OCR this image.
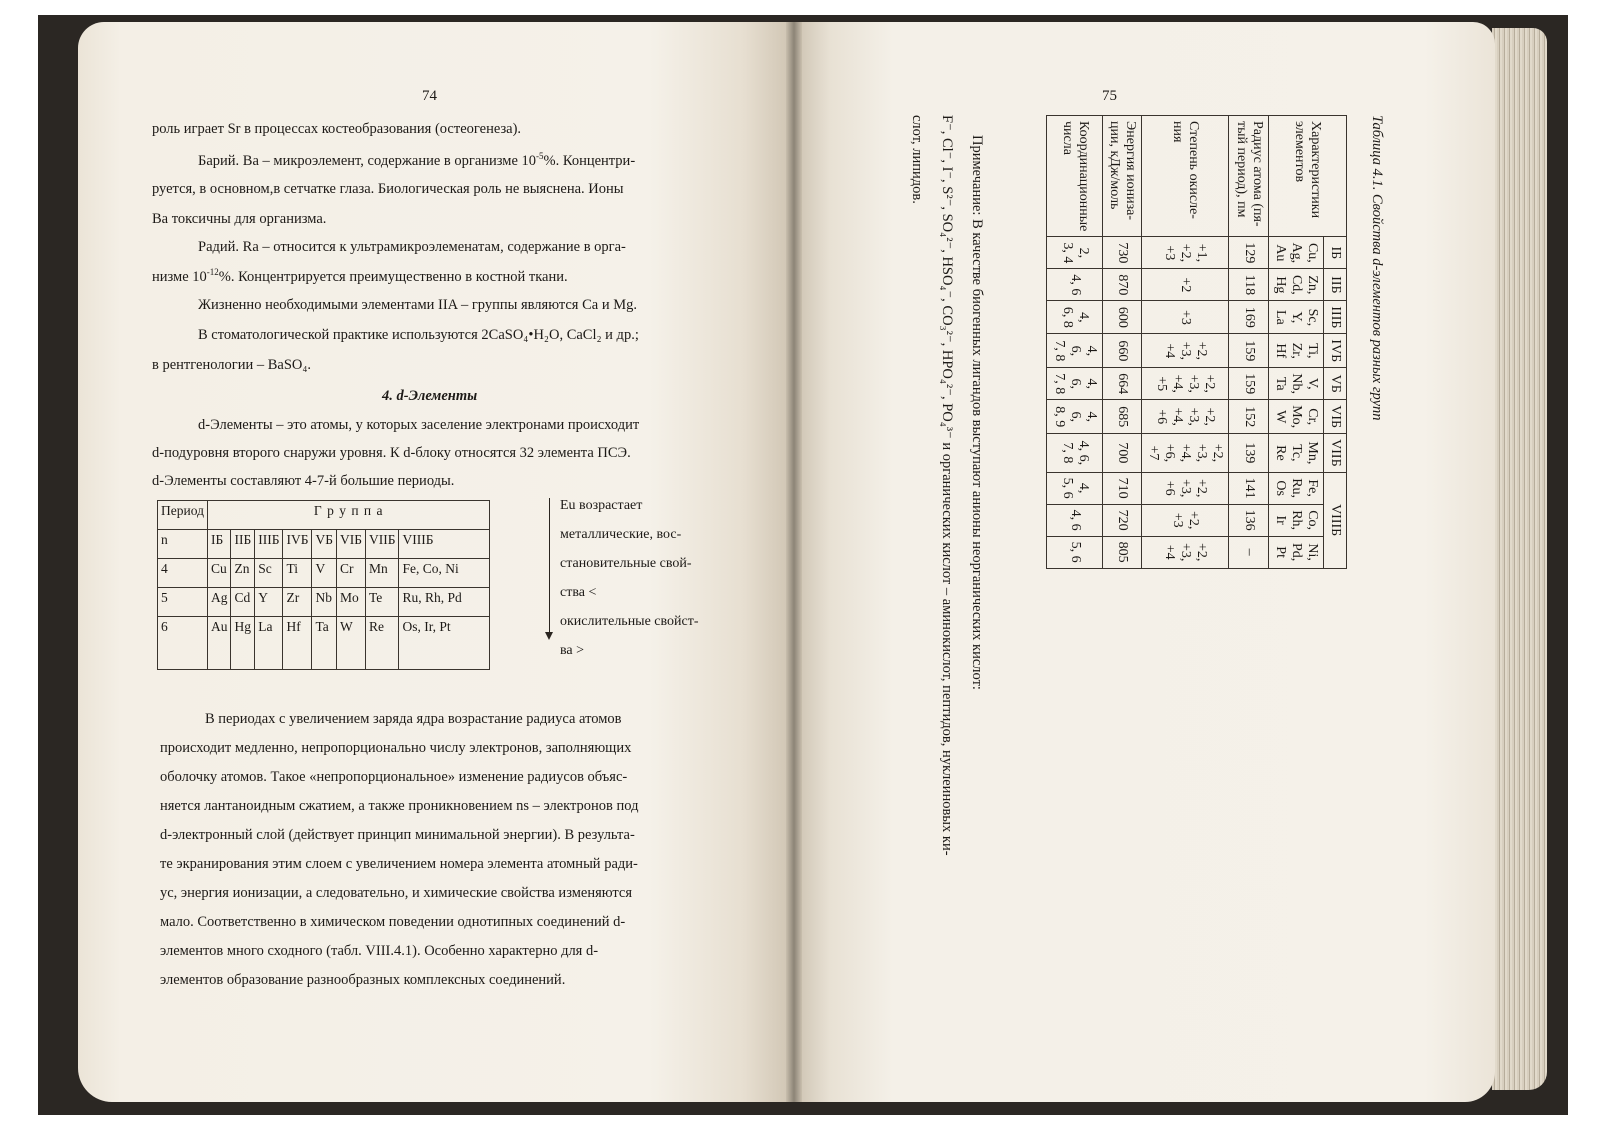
74
роль играет Sr в процессах костеобразования (остеогенеза).
Барий. Ba – микроэлемент, содержание в организме $10^{-5}\%$. Концентри-
руется, в основном,в сетчатке глаза. Биологическая роль не выяснена. Ионы
Ba токсичны для организма.
Радий. Ra – относится к ультрамикроэлеменатам, содержание в орга-
низме $10^{-12}\%$. Концентрируется преимущественно в костной ткани.
Жизненно необходимыми элементами IIA – группы являются Ca и Mg.
В стоматологической практике используются 2CaSO₄•H₂O, CaCl₂ и др.;
в рентгенологии – BaSO₄.
4. d-Элементы
d-Элементы – это атомы, у которых заселение электронами происходит
d-подуровня второго снаружи уровня. К d-блоку относятся 32 элемента ПСЭ.
d-Элементы составляют 4-7-й большие периоды.
Период	Г р у п п а							
n	IБ	IIБ	IIIБ	IVБ	VБ	VIБ	VIIБ	VIIIБ
4	Cu	Zn	Sc	Ti	V	Cr	Mn	Fe, Co, Ni
5	Ag	Cd	Y	Zr	Nb	Mo	Te	Ru, Rh, Pd
6	Au	Hg	La	Hf	Ta	W	Re	Os, Ir, Pt
Eu возрастает
металлические, вос-
становительные свой-
ства <
окислительные свойст-
ва >
В периодах с увеличением заряда ядра возрастание радиуса атомов
происходит медленно, непропорционально числу электронов, заполняющих
оболочку атомов. Такое «непропорциональное» изменение радиусов объяс-
няется лантаноидным сжатием, а также проникновением ns – электронов под
d-электронный слой (действует принцип минимальной энергии). В результа-
те экранирования этим слоем с увеличением номера элемента атомный ради-
ус, энергия ионизации, а следовательно, и химические свойства изменяются
мало. Соответственно в химическом поведении однотипных соединений d-
элементов много сходного (табл. VIII.4.1). Особенно характерно для d-
элементов образование разнообразных комплексных соединений.
75
Таблица 4.1. Свойства d-элементов разных групп
Характеристики элементов	IБ	IIБ	IIIБ	IVБ	VБ	VIБ	VIIБ	VIIIБ		
	Cu, Ag, Au	Zn, Cd, Hg	Sc, Y, La	Ti, Zr, Hf	V, Nb, Ta	Cr, Mo, W	Mn, Tc, Re	Fe, Ru, Os	Co, Rh, Ir	Ni, Pd, Pt
Радиус атома (пя-тый период), пм	129	118	169	159	159	152	139	141	136	–
Степень окисле-ния	+1, +2, +3	+2	+3	+2, +3, +4	+2, +3, +4, +5	+2, +3, +4, +6	+2, +3, +4, +6, +7	+2, +3, +6	+2, +3	+2, +3, +4
Энергия иониза-ции, кДж/моль	730	870	600	660	664	685	700	710	720	805
Координационные числа	2, 3, 4	4, 6	4, 6, 8	4, 6, 7, 8	4, 6, 7, 8	4, 6, 8, 9	4, 6, 7, 8	4, 5, 6	4, 6	5, 6
Примечание: В качестве биогенных лигандов выступают анионы неорганических кислот:
F⁻, Cl⁻, I⁻, S²⁻, SO₄²⁻, HSO₄⁻, CO₃²⁻, HPO₄²⁻, PO₄³⁻ и органических кислот – аминокислот, пептидов, нуклеиновых ки-
слот, липидов.
